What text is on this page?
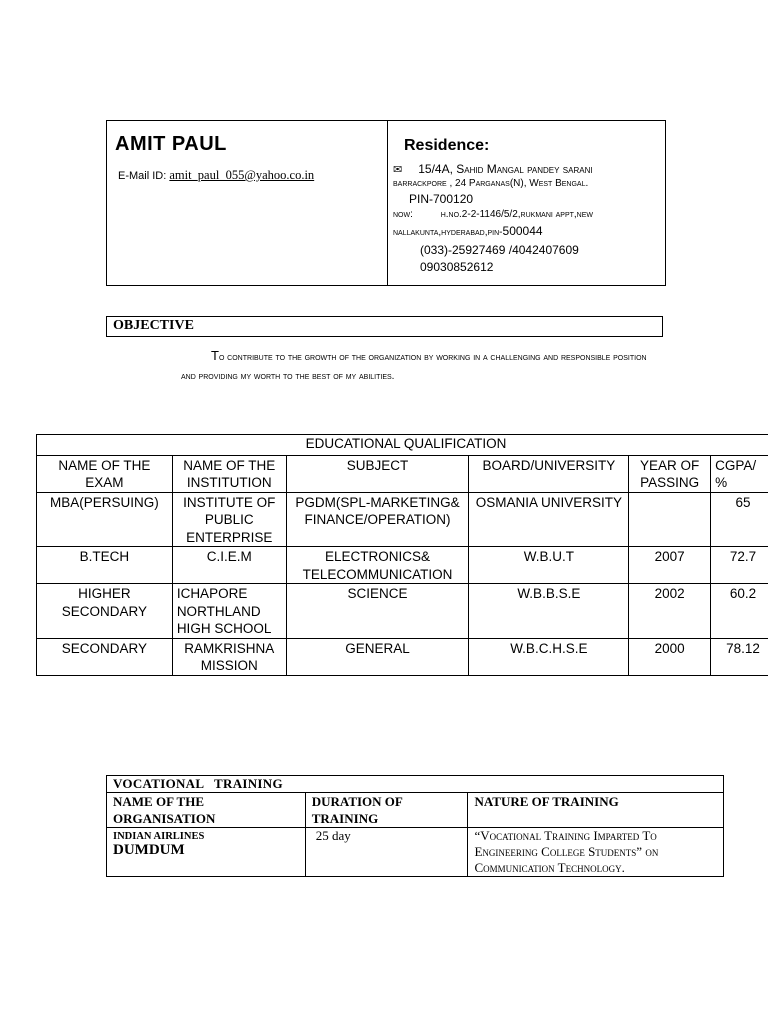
AMIT PAUL
E-Mail ID: amit_paul_055@yahoo.co.in
Residence:
✉ 15/4A, Sahid Mangal pandey sarani
barrackpore , 24 Parganas(N), West Bengal.
PIN-700120
now:	h.no.2-2-1146/5/2,rukmani appt,new
nallakunta,hyderabad,pin-500044
(033)-25927469 /4042407609
09030852612
OBJECTIVE
To contribute to the growth of the organization by working in a challenging and responsible position and providing my worth to the best of my abilities.
EDUCATIONAL QUALIFICATION					
NAME OF THE EXAM	NAME OF THE INSTITUTION	SUBJECT	BOARD/UNIVERSITY	YEAR OF PASSING	CGPA/ %
MBA(PERSUING)	INSTITUTE OF PUBLIC ENTERPRISE	PGDM(SPL-MARKETING& FINANCE/OPERATION)	OSMANIA UNIVERSITY		65
B.TECH	C.I.E.M	ELECTRONICS& TELECOMMUNICATION	W.B.U.T	2007	72.7
HIGHER SECONDARY	ICHAPORE NORTHLAND HIGH SCHOOL	SCIENCE	W.B.B.S.E	2002	60.2
SECONDARY	RAMKRISHNA MISSION	GENERAL	W.B.C.H.S.E	2000	78.12
VOCATIONAL   TRAINING		
NAME OF THE ORGANISATION	DURATION OF TRAINING	NATURE OF TRAINING

INDIAN AIRLINES
DUMDUM	25 day	“Vocational Training Imparted To Engineering College Students” on Communication Technology.
